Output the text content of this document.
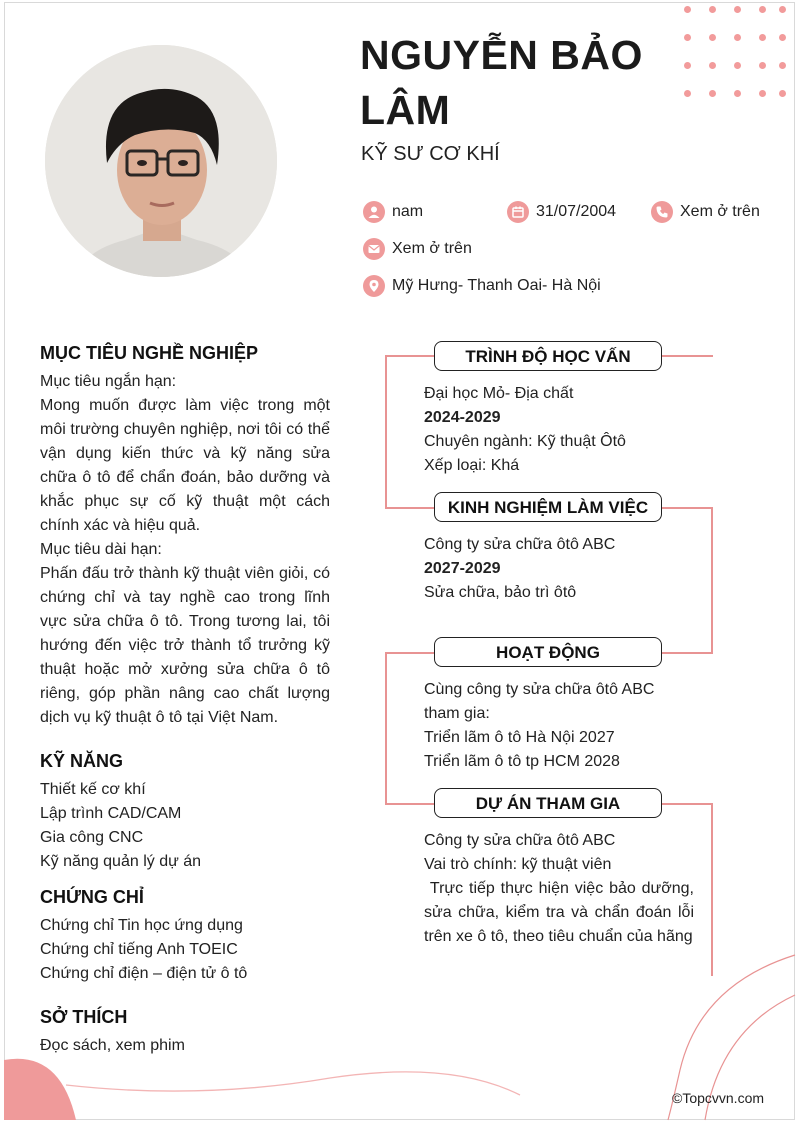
NGUYỄN BẢO LÂM
KỸ SƯ CƠ KHÍ
nam	31/07/2004	Xem ở trên
Xem ở trên
Mỹ Hưng- Thanh Oai- Hà Nội
MỤC TIÊU NGHỀ NGHIỆP
Mục tiêu ngắn hạn:
Mong muốn được làm việc trong một môi trường chuyên nghiệp, nơi tôi có thể vận dụng kiến thức và kỹ năng sửa chữa ô tô để chẩn đoán, bảo dưỡng và khắc phục sự cố kỹ thuật một cách chính xác và hiệu quả.
Mục tiêu dài hạn:
Phấn đấu trở thành kỹ thuật viên giỏi, có chứng chỉ và tay nghề cao trong lĩnh vực sửa chữa ô tô. Trong tương lai, tôi hướng đến việc trở thành tổ trưởng kỹ thuật hoặc mở xưởng sửa chữa ô tô riêng, góp phần nâng cao chất lượng dịch vụ kỹ thuật ô tô tại Việt Nam.
KỸ NĂNG
Thiết kế cơ khí
Lập trình CAD/CAM
Gia công CNC
Kỹ năng quản lý dự án
CHỨNG CHỈ
Chứng chỉ Tin học ứng dụng
Chứng chỉ tiếng Anh TOEIC
Chứng chỉ điện – điện tử ô tô
SỞ THÍCH
Đọc sách, xem phim
TRÌNH ĐỘ HỌC VẤN
Đại học Mỏ- Địa chất
2024-2029
Chuyên ngành: Kỹ thuật Ôtô
Xếp loại: Khá
KINH NGHIỆM LÀM VIỆC
Công ty sửa chữa ôtô ABC
2027-2029
Sửa chữa, bảo trì ôtô
HOẠT ĐỘNG
Cùng công ty sửa chữa ôtô ABC tham gia:
Triển lãm ô tô Hà Nội 2027
Triển lãm ô tô tp HCM 2028
DỰ ÁN THAM GIA
Công ty sửa chữa ôtô ABC
Vai trò chính: kỹ thuật viên
Trực tiếp thực hiện việc bảo dưỡng, sửa chữa, kiểm tra và chẩn đoán lỗi trên xe ô tô, theo tiêu chuẩn của hãng
©Topcvvn.com
